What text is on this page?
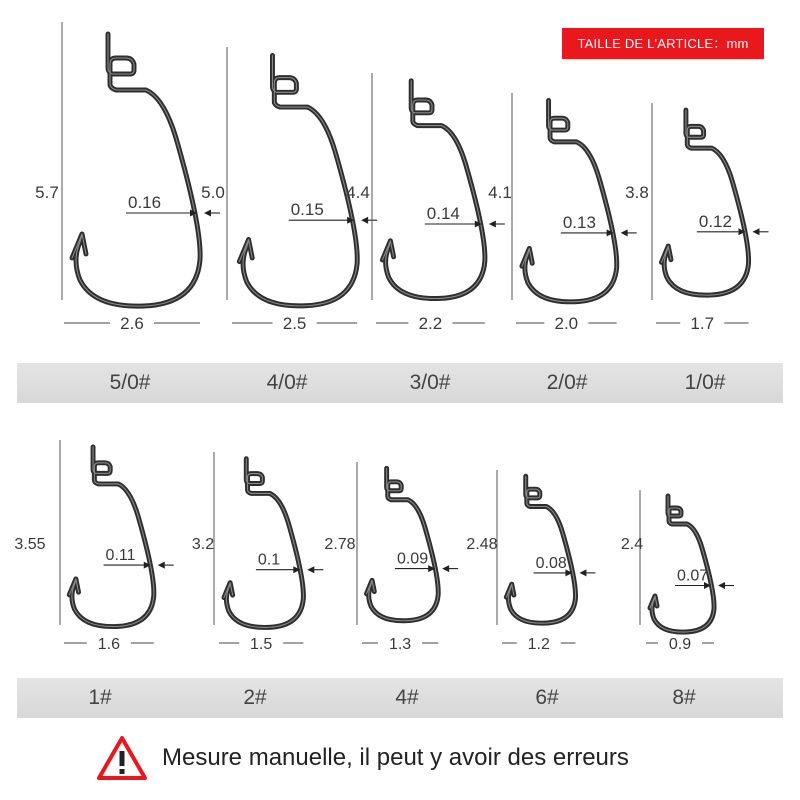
0.16
5.7
2.6
0.15
5.0
2.5
0.14
4.4
2.2
0.13
4.1
2.0
0.12
3.8
1.7
0.11
3.55
1.6
0.1
3.2
1.5
0.09
2.78
1.3
0.08
2.48
1.2
0.07
2.4
0.9
TAILLE DE L'ARTICLE：mm
5/0#	4/0#	3/0#	2/0#	1/0#
1#	2#	4#	6#	8#
Mesure manuelle, il peut y avoir des erreurs
